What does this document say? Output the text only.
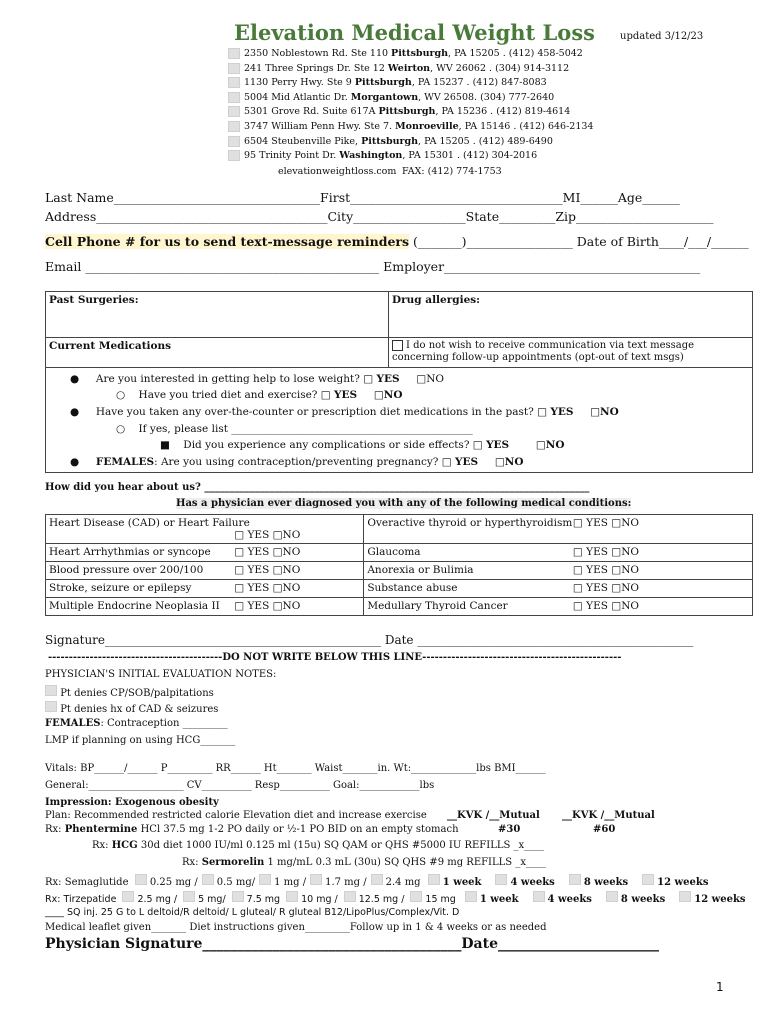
Elevation Medical Weight Loss	updated 3/12/23
2350 Noblestown Rd. Ste 110 Pittsburgh, PA 15205 . (412) 458-5042
241 Three Springs Dr. Ste 12 Weirton, WV 26062 . (304) 914-3112
1130 Perry Hwy. Ste 9 Pittsburgh, PA 15237 . (412) 847-8083
5004 Mid Atlantic Dr. Morgantown, WV 26508. (304) 777-2640
5301 Grove Rd. Suite 617A Pittsburgh, PA 15236 . (412) 819-4614
3747 William Penn Hwy. Ste 7. Monroeville, PA 15146 . (412) 646-2134
6504 Steubenville Pike, Pittsburgh, PA 15205 . (412) 489-6490
95 Trinity Point Dr. Washington, PA 15301 . (412) 304-2016
elevationweightloss.com FAX: (412) 774-1753
Last Name_________________________________First__________________________________MI______Age______
Address_____________________________________City__________________State_________Zip______________________
Cell Phone # for us to send text-message reminders (_______)_________________ Date of Birth____/___/______
Email _______________________________________________ Employer_________________________________________
Past Surgeries:	Drug allergies:
Current Medications	I do not wish to receive communication via text message concerning follow-up appointments (opt-out of text msgs)

● Are you interested in getting help to lose weight? □ YES □NO
○ Have you tried diet and exercise? □ YES □NO
● Have you taken any over-the-counter or prescription diet medications in the past? □ YES □NO
○ If yes, please list ______________________________________________
■ Did you experience any complications or side effects? □ YES	□NO
● FEMALES: Are you using contraception/preventing pregnancy? □ YES □NO
How did you hear about us? _____________________________________________________________________________
Has a physician ever diagnosed you with any of the following medical conditions:
Heart Disease (CAD) or Heart Failure
□ YES □NO	Overactive thyroid or hyperthyroidism □ YES □NO

Heart Arrhythmias or syncope □ YES □NO	Glaucoma □ YES □NO

Blood pressure over 200/100 □ YES □NO	Anorexia or Bulimia □ YES □NO

Stroke, seizure or epilepsy □ YES □NO	Substance abuse □ YES □NO

Multiple Endocrine Neoplasia II □ YES □NO	Medullary Thyroid Cancer □ YES □NO
Signature______________________________________________ Date ______________________________________________
------------------------------------------DO NOT WRITE BELOW THIS LINE------------------------------------------------
PHYSICIAN'S INITIAL EVALUATION NOTES:
Pt denies CP/SOB/palpitations
Pt denies hx of CAD & seizures
FEMALES: Contraception _________
LMP if planning on using HCG_______
Vitals: BP______/______ P_________ RR______ Ht_______ Waist_______in. Wt:_____________lbs BMI______
General:___________________ CV__________ Resp__________ Goal:____________lbs
Impression: Exogenous obesity
Plan: Recommended restricted calorie Elevation diet and increase exercise __KVK /__Mutual __KVK /__Mutual
Rx: Phentermine HCl 37.5 mg 1-2 PO daily or ½-1 PO BID on an empty stomach	#30	#60
Rx: HCG 30d diet 1000 IU/ml 0.125 ml (15u) SQ QAM or QHS #5000 IU REFILLS _x____
Rx: Sermorelin 1 mg/mL 0.3 mL (30u) SQ QHS #9 mg REFILLS _x____
Rx: Semaglutide 0.25 mg / 0.5 mg/ 1 mg / 1.7 mg / 2.4 mg 1 week	4 weeks	8 weeks	12 weeks
Rx: Tirzepatide 2.5 mg / 5 mg/ 7.5 mg 10 mg / 12.5 mg / 15 mg 1 week	4 weeks	8 weeks	12 weeks
____ SQ inj. 25 G to L deltoid/R deltoid/ L gluteal/ R gluteal B12/LipoPlus/Complex/Vit. D
Medical leaflet given_______ Diet instructions given_________Follow up in 1 & 4 weeks or as needed
Physician Signature_____________________________________Date_______________________
1
